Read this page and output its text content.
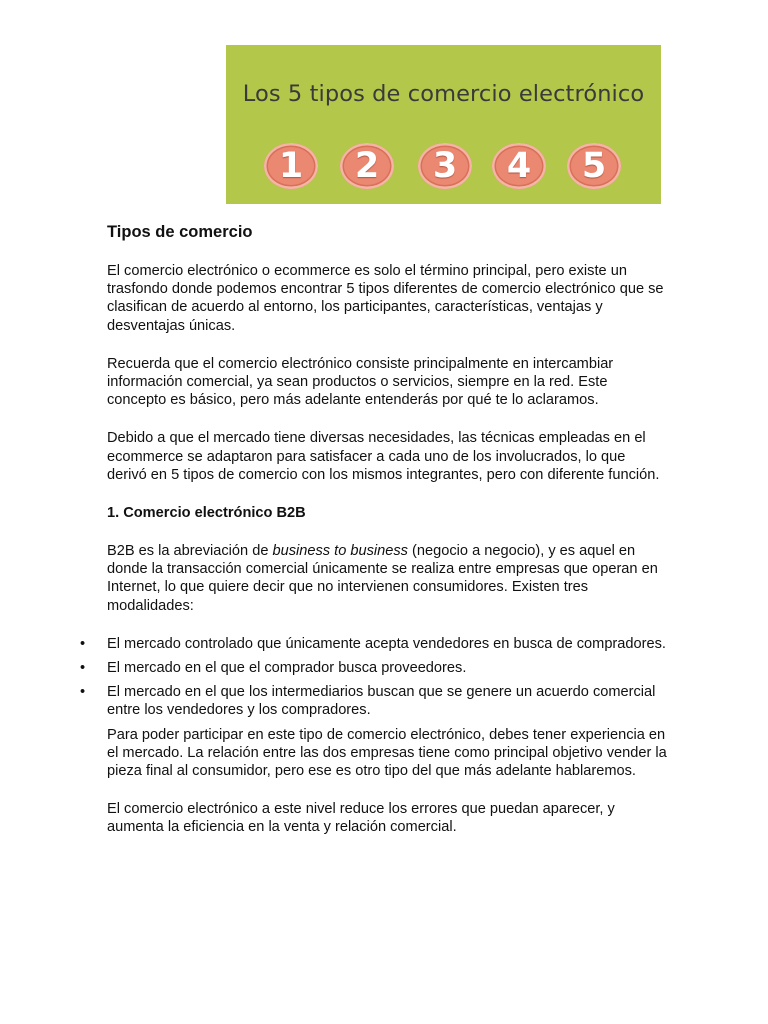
Los 5 tipos de comercio electrónico
1 2 3 4 5
Tipos de comercio

El comercio electrónico o ecommerce es solo el término principal, pero existe un trasfondo donde podemos encontrar 5 tipos diferentes de comercio electrónico que se clasifican de acuerdo al entorno, los participantes, características, ventajas y desventajas únicas.

Recuerda que el comercio electrónico consiste principalmente en intercambiar información comercial, ya sean productos o servicios, siempre en la red. Este concepto es básico, pero más adelante entenderás por qué te lo aclaramos.

Debido a que el mercado tiene diversas necesidades, las técnicas empleadas en el ecommerce se adaptaron para satisfacer a cada uno de los involucrados, lo que derivó en 5 tipos de comercio con los mismos integrantes, pero con diferente función.

1. Comercio electrónico B2B

B2B es la abreviación de business to business (negocio a negocio), y es aquel en donde la transacción comercial únicamente se realiza entre empresas que operan en Internet, lo que quiere decir que no intervienen consumidores. Existen tres modalidades:

• El mercado controlado que únicamente acepta vendedores en busca de compradores.
• El mercado en el que el comprador busca proveedores.
• El mercado en el que los intermediarios buscan que se genere un acuerdo comercial entre los vendedores y los compradores.

Para poder participar en este tipo de comercio electrónico, debes tener experiencia en el mercado. La relación entre las dos empresas tiene como principal objetivo vender la pieza final al consumidor, pero ese es otro tipo del que más adelante hablaremos.

El comercio electrónico a este nivel reduce los errores que puedan aparecer, y aumenta la eficiencia en la venta y relación comercial.
